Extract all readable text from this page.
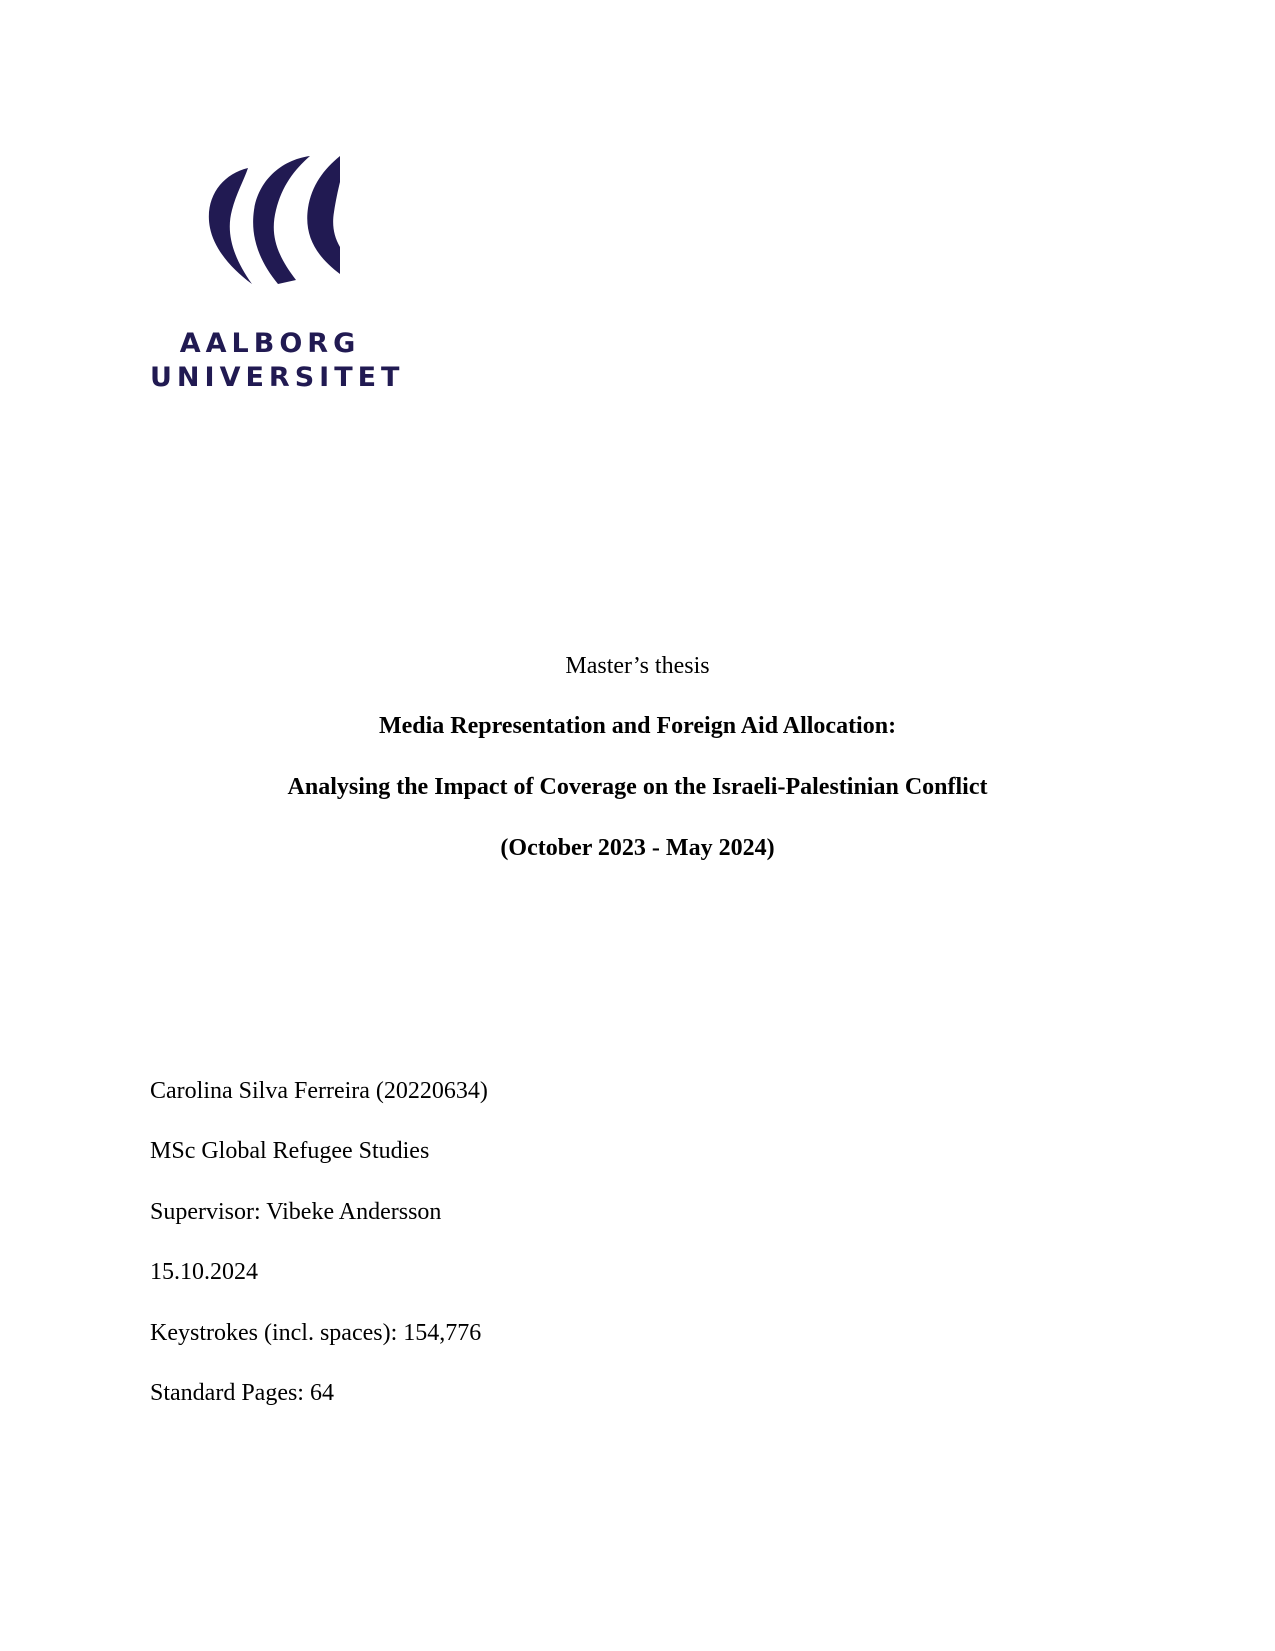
AALBORG
UNIVERSITET
Master’s thesis
Media Representation and Foreign Aid Allocation:
Analysing the Impact of Coverage on the Israeli-Palestinian Conflict
(October 2023 - May 2024)
Carolina Silva Ferreira (20220634)
MSc Global Refugee Studies
Supervisor: Vibeke Andersson
15.10.2024
Keystrokes (incl. spaces): 154,776
Standard Pages: 64
